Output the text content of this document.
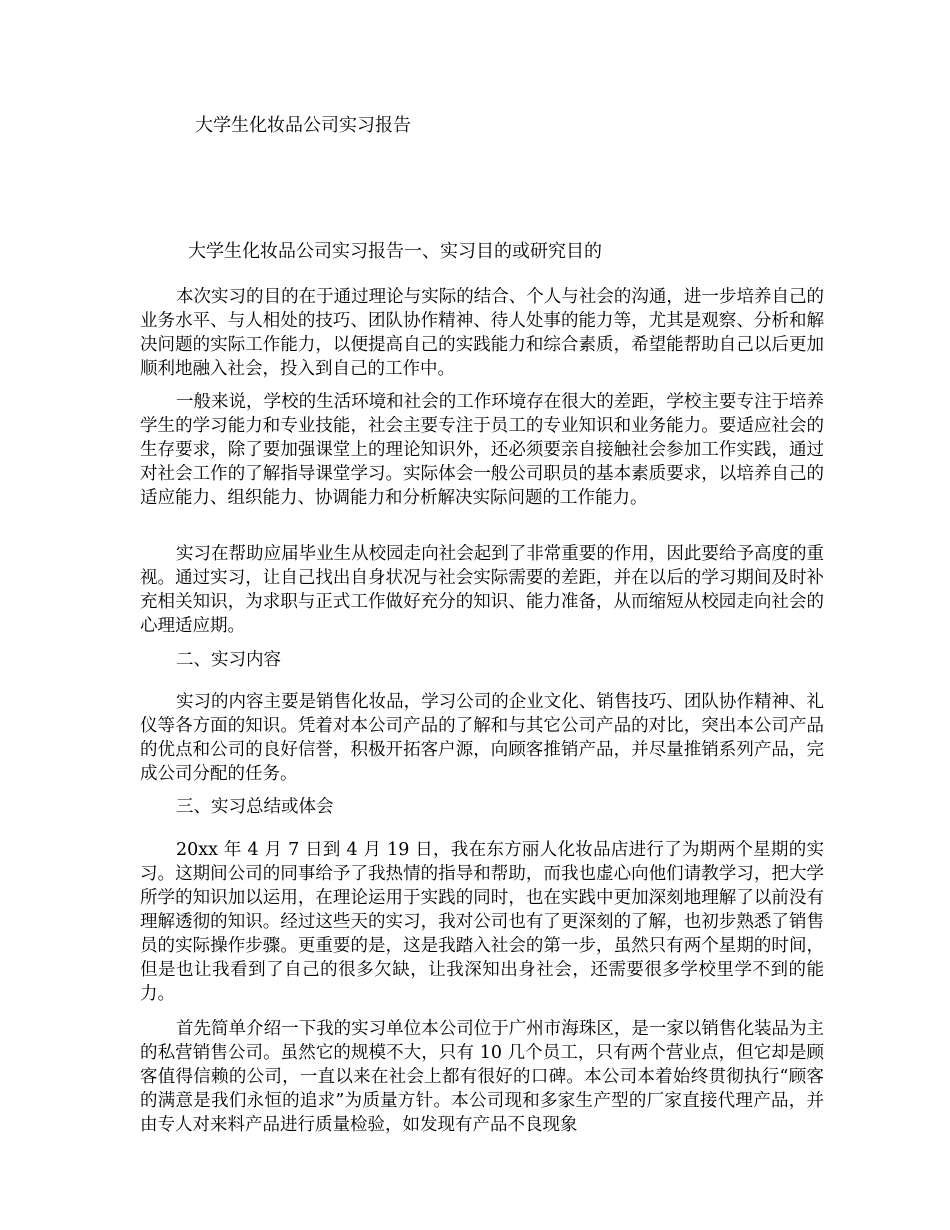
大学生化妆品公司实习报告
大学生化妆品公司实习报告一、实习目的或研究目的

本次实习的目的在于通过理论与实际的结合、个人与社会的沟通，进一步培养自己的业务水平、与人相处的技巧、团队协作精神、待人处事的能力等，尤其是观察、分析和解决问题的实际工作能力，以便提高自己的实践能力和综合素质，希望能帮助自己以后更加顺利地融入社会，投入到自己的工作中。

一般来说，学校的生活环境和社会的工作环境存在很大的差距，学校主要专注于培养学生的学习能力和专业技能，社会主要专注于员工的专业知识和业务能力。要适应社会的生存要求，除了要加强课堂上的理论知识外，还必须要亲自接触社会参加工作实践，通过对社会工作的了解指导课堂学习。实际体会一般公司职员的基本素质要求，以培养自己的适应能力、组织能力、协调能力和分析解决实际问题的工作能力。

实习在帮助应届毕业生从校园走向社会起到了非常重要的作用，因此要给予高度的重视。通过实习，让自己找出自身状况与社会实际需要的差距，并在以后的学习期间及时补充相关知识，为求职与正式工作做好充分的知识、能力准备，从而缩短从校园走向社会的心理适应期。

二、实习内容

实习的内容主要是销售化妆品，学习公司的企业文化、销售技巧、团队协作精神、礼仪等各方面的知识。凭着对本公司产品的了解和与其它公司产品的对比，突出本公司产品的优点和公司的良好信誉，积极开拓客户源，向顾客推销产品，并尽量推销系列产品，完成公司分配的任务。

三、实习总结或体会

20xx 年 4 月 7 日到 4 月 19 日，我在东方丽人化妆品店进行了为期两个星期的实习。这期间公司的同事给予了我热情的指导和帮助，而我也虚心向他们请教学习，把大学所学的知识加以运用，在理论运用于实践的同时，也在实践中更加深刻地理解了以前没有理解透彻的知识。经过这些天的实习，我对公司也有了更深刻的了解，也初步熟悉了销售员的实际操作步骤。更重要的是，这是我踏入社会的第一步，虽然只有两个星期的时间，但是也让我看到了自己的很多欠缺，让我深知出身社会，还需要很多学校里学不到的能力。

首先简单介绍一下我的实习单位本公司位于广州市海珠区，是一家以销售化装品为主的私营销售公司。虽然它的规模不大，只有 10 几个员工，只有两个营业点，但它却是顾客值得信赖的公司，一直以来在社会上都有很好的口碑。本公司本着始终贯彻执行“顾客的满意是我们永恒的追求”为质量方针。本公司现和多家生产型的厂家直接代理产品，并由专人对来料产品进行质量检验，如发现有产品不良现象
